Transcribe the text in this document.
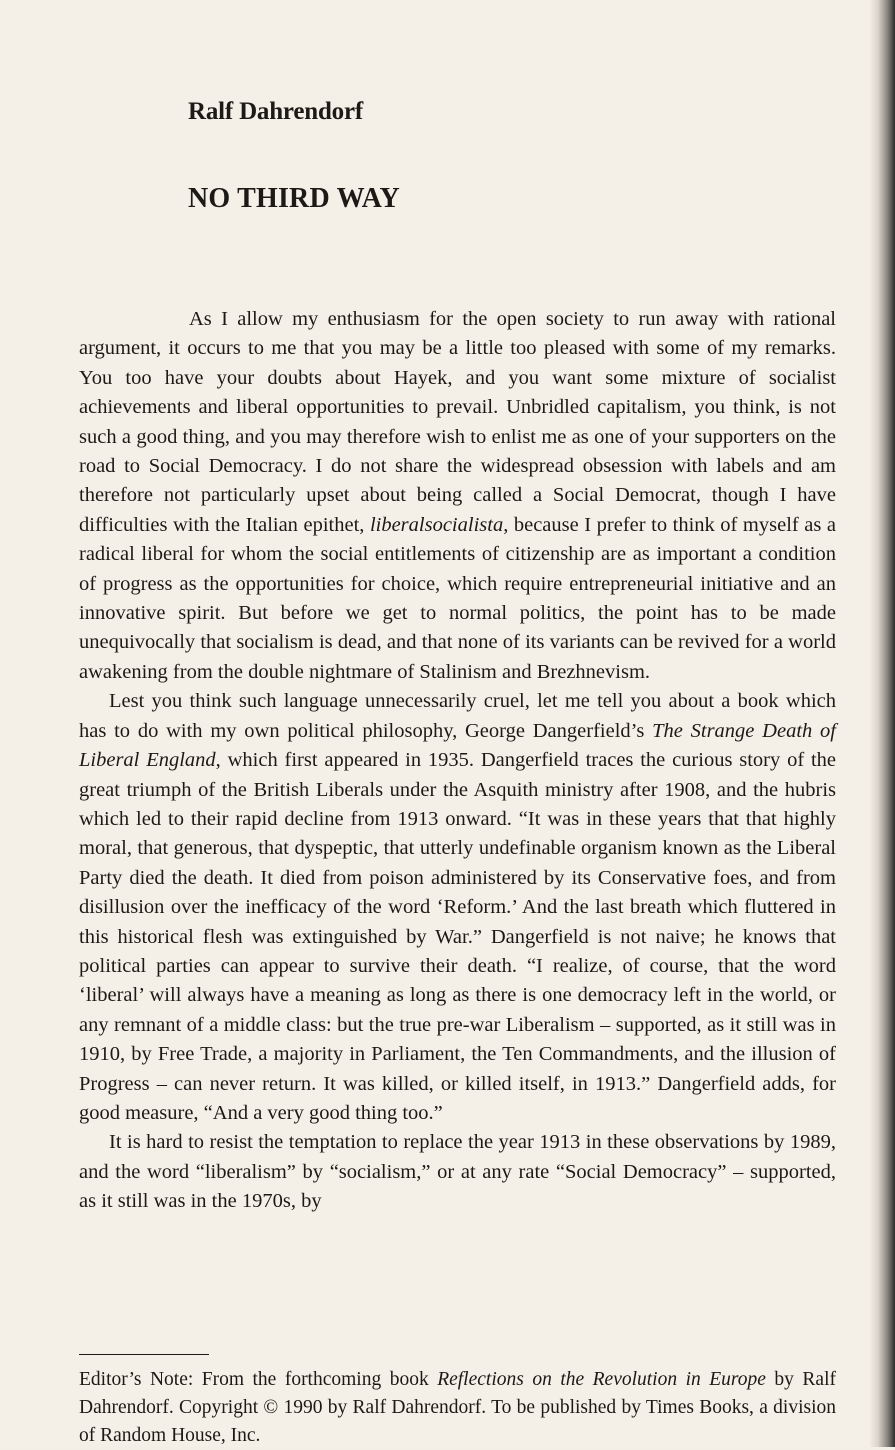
Ralf Dahrendorf
NO THIRD WAY

As I allow my enthusiasm for the open society to run away with rational argument, it occurs to me that you may be a little too pleased with some of my remarks. You too have your doubts about Hayek, and you want some mixture of socialist achievements and liberal opportunities to prevail. Unbridled capitalism, you think, is not such a good thing, and you may therefore wish to enlist me as one of your supporters on the road to Social Democracy. I do not share the widespread obsession with labels and am therefore not particularly upset about being called a Social Democrat, though I have difficulties with the Italian epithet, liberalsocialista, because I prefer to think of myself as a radical liberal for whom the social entitlements of citizenship are as important a condition of progress as the opportunities for choice, which require entrepreneurial initiative and an innovative spirit. But before we get to normal politics, the point has to be made unequivocally that socialism is dead, and that none of its variants can be revived for a world awakening from the double nightmare of Stalinism and Brezhnevism.

Lest you think such language unnecessarily cruel, let me tell you about a book which has to do with my own political philosophy, George Dangerfield’s The Strange Death of Liberal England, which first appeared in 1935. Dangerfield traces the curious story of the great triumph of the British Liberals under the Asquith ministry after 1908, and the hubris which led to their rapid decline from 1913 onward. “It was in these years that that highly moral, that generous, that dyspeptic, that utterly undefinable organism known as the Liberal Party died the death. It died from poison administered by its Conservative foes, and from disillusion over the inefficacy of the word ‘Reform.’ And the last breath which fluttered in this historical flesh was extinguished by War.” Dangerfield is not naive; he knows that political parties can appear to survive their death. “I realize, of course, that the word ‘liberal’ will always have a meaning as long as there is one democracy left in the world, or any remnant of a middle class: but the true pre-war Liberalism – supported, as it still was in 1910, by Free Trade, a majority in Parliament, the Ten Commandments, and the illusion of Progress – can never return. It was killed, or killed itself, in 1913.” Dangerfield adds, for good measure, “And a very good thing too.”

It is hard to resist the temptation to replace the year 1913 in these observations by 1989, and the word “liberalism” by “socialism,” or at any rate “Social Democracy” – supported, as it still was in the 1970s, by

Editor’s Note: From the forthcoming book Reflections on the Revolution in Europe by Ralf Dahrendorf. Copyright © 1990 by Ralf Dahrendorf. To be published by Times Books, a division of Random House, Inc.
